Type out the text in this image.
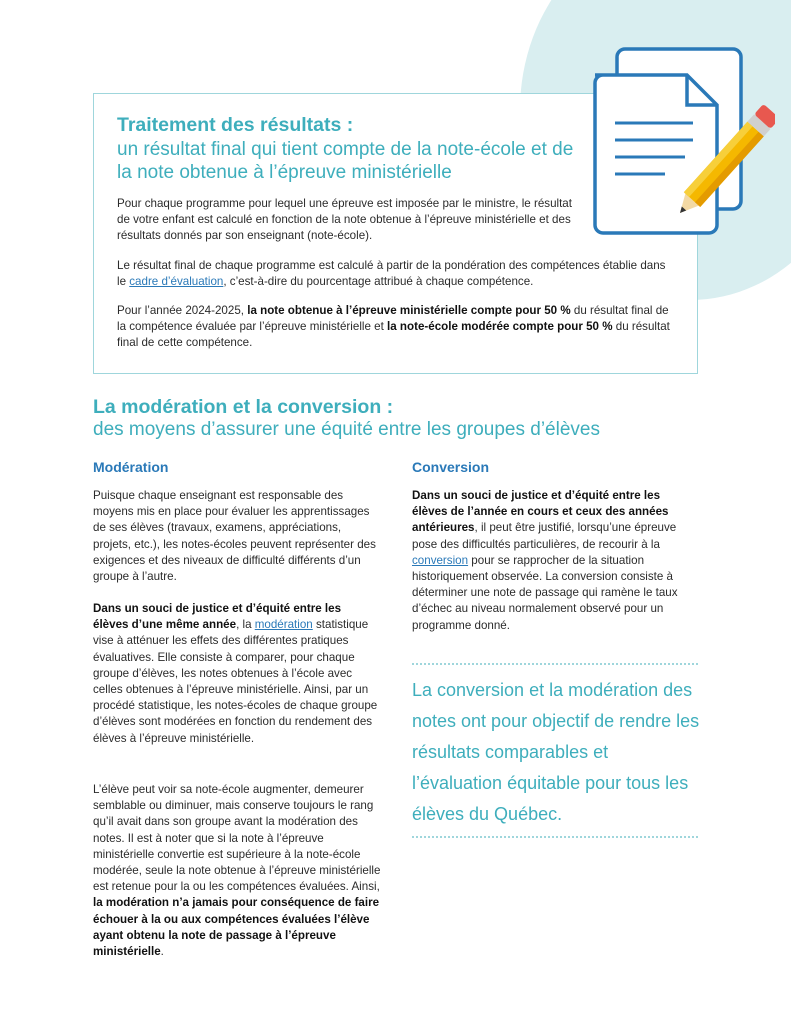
Traitement des résultats :
un résultat final qui tient compte de la note-école et de la note obtenue à l’épreuve ministérielle
Pour chaque programme pour lequel une épreuve est imposée par le ministre, le résultat de votre enfant est calculé en fonction de la note obtenue à l’épreuve ministérielle et des résultats donnés par son enseignant (note-école).
Le résultat final de chaque programme est calculé à partir de la pondération des compétences établie dans le cadre d’évaluation, c’est-à-dire du pourcentage attribué à chaque compétence.
Pour l’année 2024-2025, la note obtenue à l’épreuve ministérielle compte pour 50 % du résultat final de la compétence évaluée par l’épreuve ministérielle et la note-école modérée compte pour 50 % du résultat final de cette compétence.
La modération et la conversion :
des moyens d’assurer une équité entre les groupes d’élèves
Modération	Conversion
Puisque chaque enseignant est responsable des moyens mis en place pour évaluer les apprentissages de ses élèves (travaux, examens, appréciations, projets, etc.), les notes-écoles peuvent représenter des exigences et des niveaux de difficulté différents d’un groupe à l’autre.
Dans un souci de justice et d’équité entre les élèves d’une même année, la modération statistique vise à atténuer les effets des différentes pratiques évaluatives. Elle consiste à comparer, pour chaque groupe d’élèves, les notes obtenues à l’école avec celles obtenues à l’épreuve ministérielle. Ainsi, par un procédé statistique, les notes-écoles de chaque groupe d’élèves sont modérées en fonction du rendement des élèves à l’épreuve ministérielle.
L’élève peut voir sa note-école augmenter, demeurer semblable ou diminuer, mais conserve toujours le rang qu’il avait dans son groupe avant la modération des notes. Il est à noter que si la note à l’épreuve ministérielle convertie est supérieure à la note-école modérée, seule la note obtenue à l’épreuve ministérielle est retenue pour la ou les compétences évaluées. Ainsi, la modération n’a jamais pour conséquence de faire échouer à la ou aux compétences évaluées l’élève ayant obtenu la note de passage à l’épreuve ministérielle.
Dans un souci de justice et d’équité entre les élèves de l’année en cours et ceux des années antérieures, il peut être justifié, lorsqu’une épreuve pose des difficultés particulières, de recourir à la conversion pour se rapprocher de la situation historiquement observée. La conversion consiste à déterminer une note de passage qui ramène le taux d’échec au niveau normalement observé pour un programme donné.
La conversion et la modération des notes ont pour objectif de rendre les résultats comparables et l’évaluation équitable pour tous les élèves du Québec.
